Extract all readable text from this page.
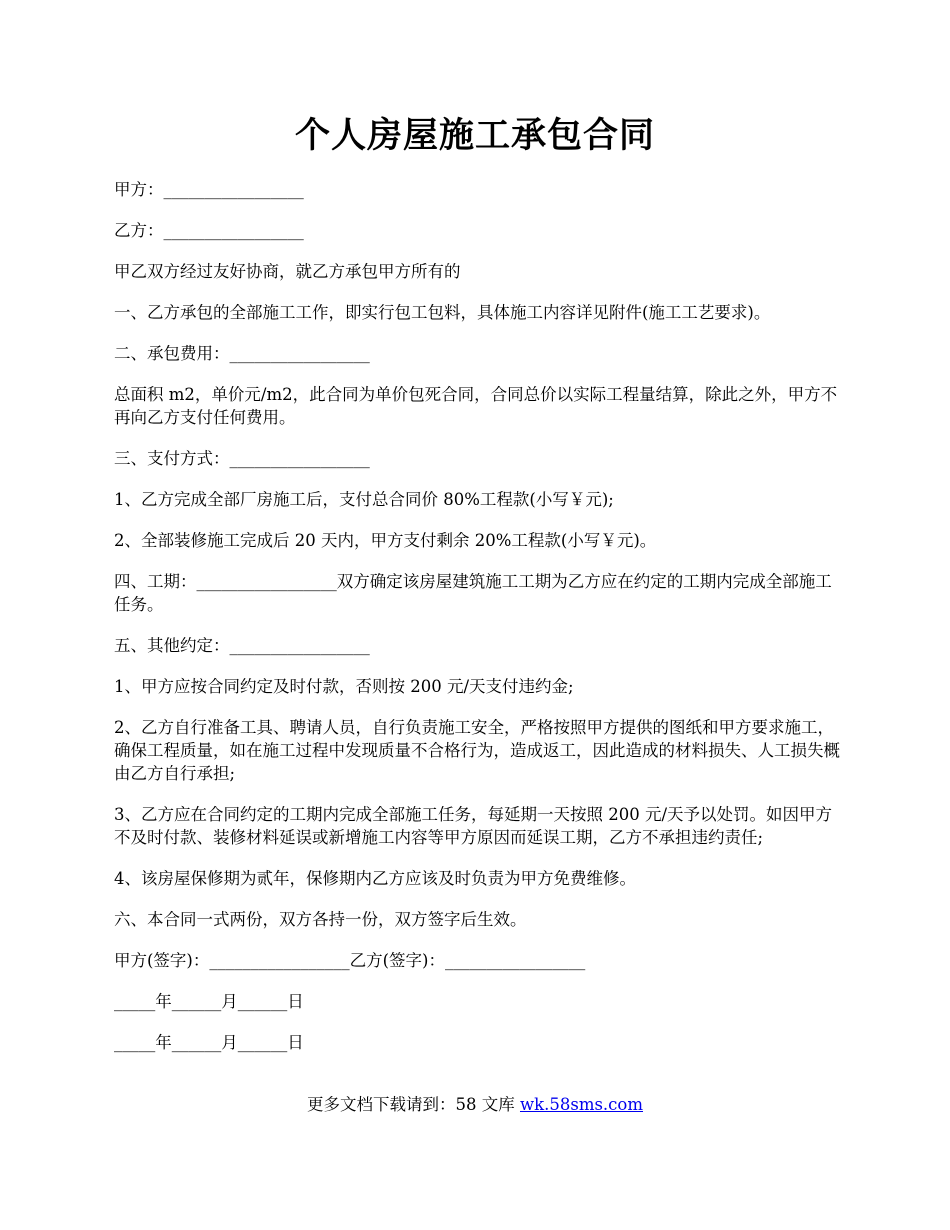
个人房屋施工承包合同

甲方：_________________

乙方：_________________

甲乙双方经过友好协商，就乙方承包甲方所有的

一、乙方承包的全部施工工作，即实行包工包料，具体施工内容详见附件(施工工艺要求)。

二、承包费用：_________________

总面积 m2，单价元/m2，此合同为单价包死合同，合同总价以实际工程量结算，除此之外，甲方不再向乙方支付任何费用。

三、支付方式：_________________

1、乙方完成全部厂房施工后，支付总合同价 80%工程款(小写￥元);

2、全部装修施工完成后 20 天内，甲方支付剩余 20%工程款(小写￥元)。

四、工期：_________________双方确定该房屋建筑施工工期为乙方应在约定的工期内完成全部施工任务。

五、其他约定：_________________

1、甲方应按合同约定及时付款，否则按 200 元/天支付违约金;

2、乙方自行准备工具、聘请人员，自行负责施工安全，严格按照甲方提供的图纸和甲方要求施工，确保工程质量，如在施工过程中发现质量不合格行为，造成返工，因此造成的材料损失、人工损失概由乙方自行承担;

3、乙方应在合同约定的工期内完成全部施工任务，每延期一天按照 200 元/天予以处罚。如因甲方不及时付款、装修材料延误或新增施工内容等甲方原因而延误工期，乙方不承担违约责任;

4、该房屋保修期为贰年，保修期内乙方应该及时负责为甲方免费维修。

六、本合同一式两份，双方各持一份，双方签字后生效。

甲方(签字)：_________________乙方(签字)：_________________

_____年______月______日

_____年______月______日

更多文档下载请到：58 文库 wk.58sms.com
